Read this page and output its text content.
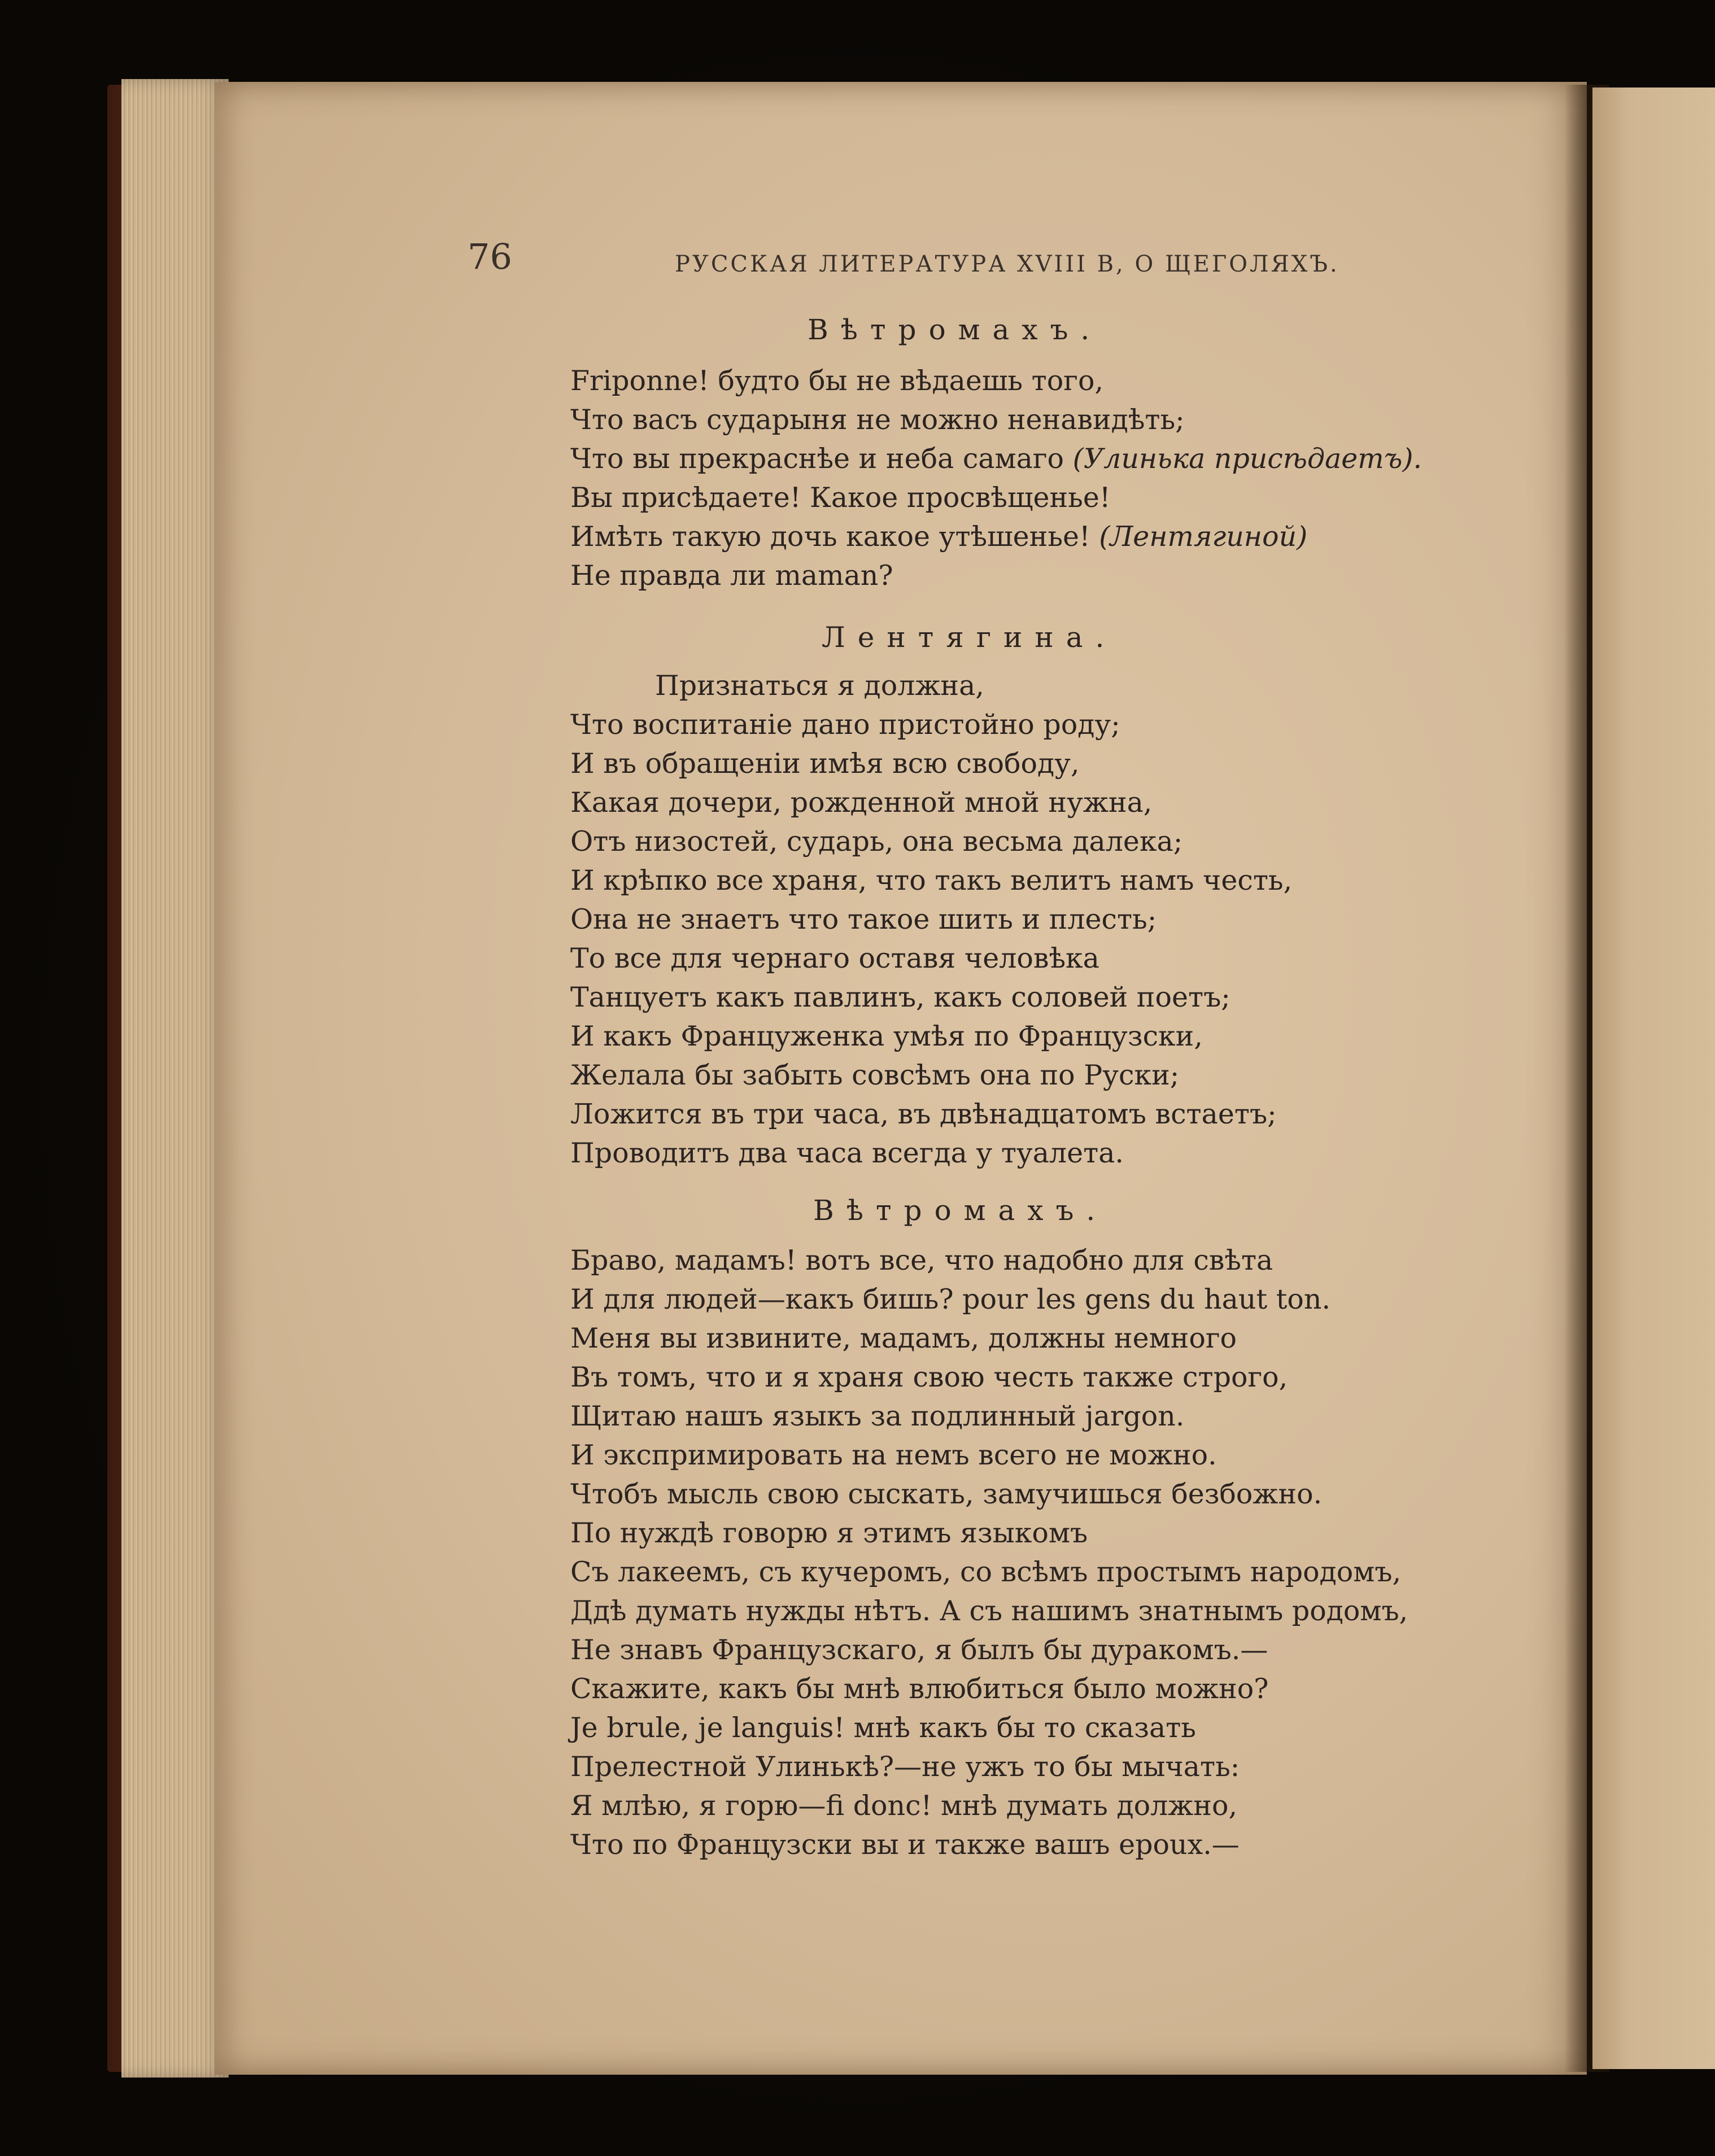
76	РУССКАЯ ЛИТЕРАТУРА XVIII В, О ЩЕГОЛЯХЪ.
Вѣтромахъ.
Friponne! будто бы не вѣдаешь того,
Что васъ сударыня не можно ненавидѣть;
Что вы прекраснѣе и неба самаго (Улинька присѣдаетъ).
Вы присѣдаете! Какое просвѣщенье!
Имѣть такую дочь какое утѣшенье! (Лентягиной)
Не правда ли maman?
Лентягина.
Признаться я должна,
Что воспитаніе дано пристойно роду;
И въ обращеніи имѣя всю свободу,
Какая дочери, рожденной мной нужна,
Отъ низостей, сударь, она весьма далека;
И крѣпко все храня, что такъ велитъ намъ честь,
Она не знаетъ что такое шить и плесть;
То все для чернаго оставя человѣка
Танцуетъ какъ павлинъ, какъ соловей поетъ;
И какъ Француженка умѣя по Французски,
Желала бы забыть совсѣмъ она по Руски;
Ложится въ три часа, въ двѣнадцатомъ встаетъ;
Проводитъ два часа всегда у туалета.
Вѣтромахъ.
Браво, мадамъ! вотъ все, что надобно для свѣта
И для людей—какъ бишь? pour les gens du haut ton.
Меня вы извините, мадамъ, должны немного
Въ томъ, что и я храня свою честь также строго,
Щитаю нашъ языкъ за подлинный jargon.
И экспримировать на немъ всего не можно.
Чтобъ мысль свою сыскать, замучишься безбожно.
По нуждѣ говорю я этимъ языкомъ
Съ лакеемъ, съ кучеромъ, со всѣмъ простымъ народомъ,
Ддѣ думать нужды нѣтъ. А съ нашимъ знатнымъ родомъ,
Не знавъ Французскаго, я былъ бы дуракомъ.—
Скажите, какъ бы мнѣ влюбиться было можно?
Je brule, je languis! мнѣ какъ бы то сказать
Прелестной Улинькѣ?—не ужъ то бы мычать:
Я млѣю, я горю—fi donc! мнѣ думать должно,
Что по Французски вы и также вашъ epoux.—
